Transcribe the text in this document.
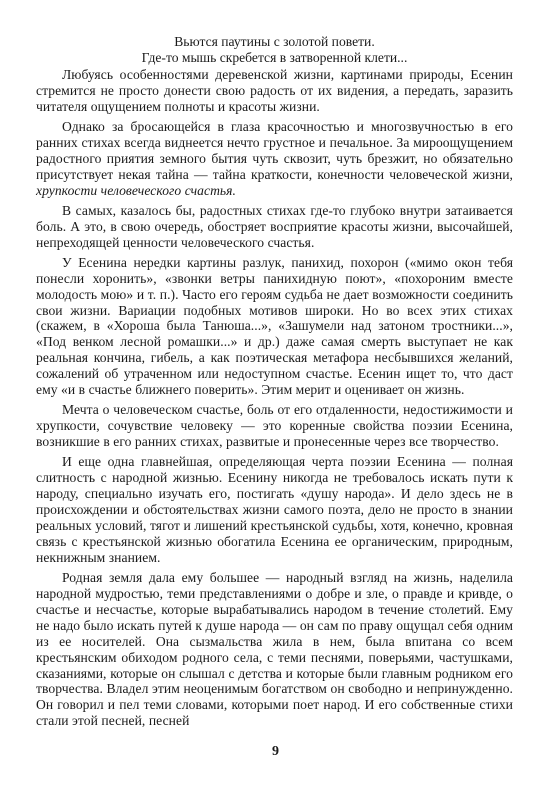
Вьются паутины с золотой повети.
Где-то мышь скребется в затворенной клети...

Любуясь особенностями деревенской жизни, картинами природы, Есенин стремится не просто донести свою радость от их видения, а передать, заразить читателя ощущением полноты и красоты жизни.

Однако за бросающейся в глаза красочностью и многозвучностью в его ранних стихах всегда виднеется нечто грустное и печальное. За мироощущением радостного приятия земного бытия чуть сквозит, чуть брезжит, но обязательно присутствует некая тайна — тайна краткости, конечности человеческой жизни, хрупкости человеческого счастья.

В самых, казалось бы, радостных стихах где-то глубоко внутри затаивается боль. А это, в свою очередь, обостряет восприятие красоты жизни, высочайшей, непреходящей ценности человеческого счастья.

У Есенина нередки картины разлук, панихид, похорон («мимо окон тебя понесли хоронить», «звонки ветры панихидную поют», «похороним вместе молодость мою» и т. п.). Часто его героям судьба не дает возможности соединить свои жизни. Вариации подобных мотивов широки. Но во всех этих стихах (скажем, в «Хороша была Танюша...», «Зашумели над затоном тростники...», «Под венком лесной ромашки...» и др.) даже самая смерть выступает не как реальная кончина, гибель, а как поэтическая метафора несбывшихся желаний, сожалений об утраченном или недоступном счастье. Есенин ищет то, что даст ему «и в счастье ближнего поверить». Этим мерит и оценивает он жизнь.

Мечта о человеческом счастье, боль от его отдаленности, недостижимости и хрупкости, сочувствие человеку — это коренные свойства поэзии Есенина, возникшие в его ранних стихах, развитые и пронесенные через все творчество.

И еще одна главнейшая, определяющая черта поэзии Есенина — полная слитность с народной жизнью. Есенину никогда не требовалось искать пути к народу, специально изучать его, постигать «душу народа». И дело здесь не в происхождении и обстоятельствах жизни самого поэта, дело не просто в знании реальных условий, тягот и лишений крестьянской судьбы, хотя, конечно, кровная связь с крестьянской жизнью обогатила Есенина ее органическим, природным, некнижным знанием.

Родная земля дала ему большее — народный взгляд на жизнь, наделила народной мудростью, теми представлениями о добре и зле, о правде и кривде, о счастье и несчастье, которые вырабатывались народом в течение столетий. Ему не надо было искать путей к душе народа — он сам по праву ощущал себя одним из ее носителей. Она сызмальства жила в нем, была впитана со всем крестьянским обиходом родного села, с теми песнями, поверьями, частушками, сказаниями, которые он слышал с детства и которые были главным родником его творчества. Владел этим неоценимым богатством он свободно и непринужденно. Он говорил и пел теми словами, которыми поет народ. И его собственные стихи стали этой песней, песней

9
